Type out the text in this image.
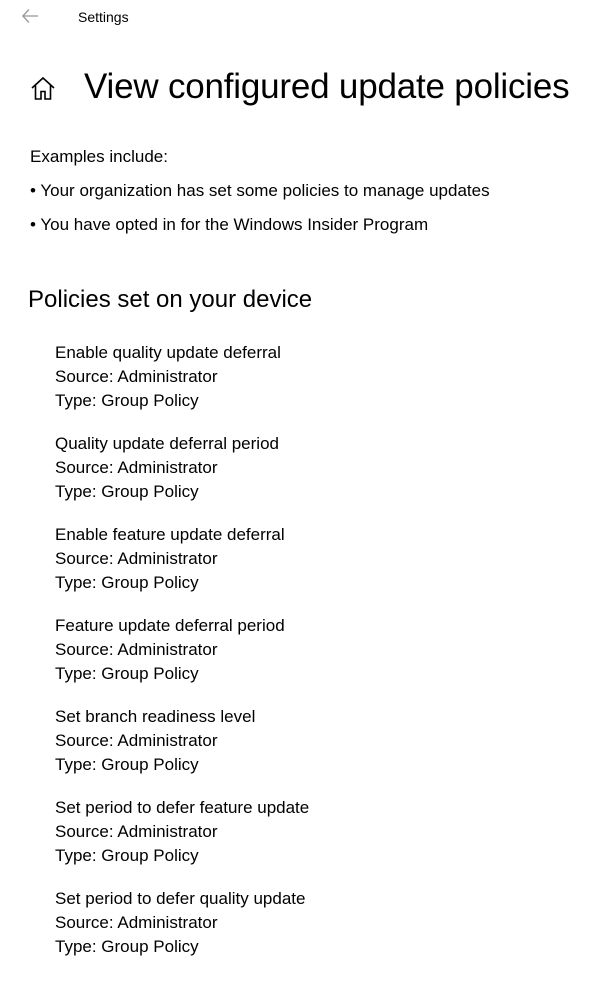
Settings
View configured update policies
Examples include:
• Your organization has set some policies to manage updates
• You have opted in for the Windows Insider Program
Policies set on your device
Enable quality update deferral
Source: Administrator
Type: Group Policy
Quality update deferral period
Source: Administrator
Type: Group Policy
Enable feature update deferral
Source: Administrator
Type: Group Policy
Feature update deferral period
Source: Administrator
Type: Group Policy
Set branch readiness level
Source: Administrator
Type: Group Policy
Set period to defer feature update
Source: Administrator
Type: Group Policy
Set period to defer quality update
Source: Administrator
Type: Group Policy
